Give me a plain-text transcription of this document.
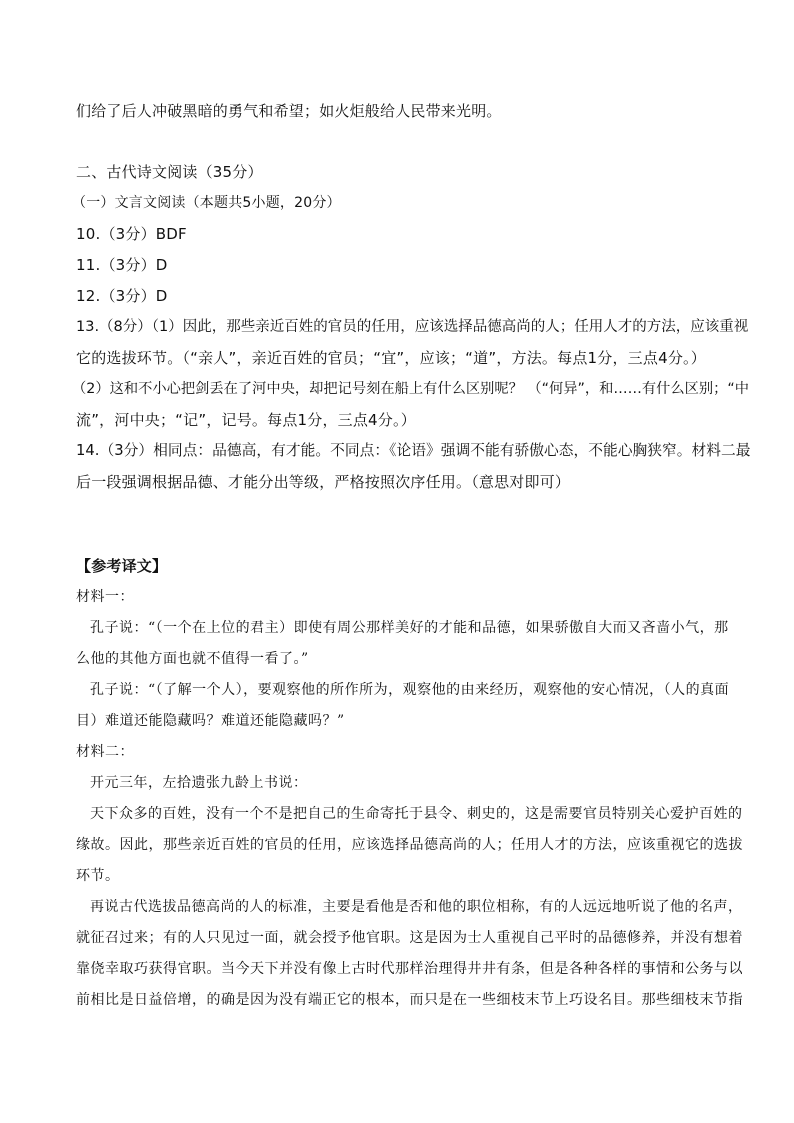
们给了后人冲破黑暗的勇气和希望；如火炬般给人民带来光明。
二、古代诗文阅读（35分）
（一）文言文阅读（本题共5小题，20分）
10.（3分）BDF
11.（3分）D
12.（3分）D
13.（8分）（1）因此，那些亲近百姓的官员的任用，应该选择品德高尚的人；任用人才的方法，应该重视
它的选拔环节。（“亲人”，亲近百姓的官员；“宜”，应该；“道”，方法。每点1分，三点4分。）
（2）这和不小心把剑丢在了河中央，却把记号刻在船上有什么区别呢？ （“何异”，和……有什么区别；“中
流”，河中央；“记”，记号。每点1分，三点4分。）
14.（3分）相同点：品德高，有才能。不同点：《论语》强调不能有骄傲心态，不能心胸狭窄。材料二最
后一段强调根据品德、才能分出等级，严格按照次序任用。（意思对即可）
【参考译文】
材料一：
孔子说：“（一个在上位的君主）即使有周公那样美好的才能和品德，如果骄傲自大而又吝啬小气，那
么他的其他方面也就不值得一看了。”
孔子说：“（了解一个人），要观察他的所作所为，观察他的由来经历，观察他的安心情况，（人的真面
目）难道还能隐藏吗？难道还能隐藏吗？”
材料二：
开元三年，左拾遗张九龄上书说：
天下众多的百姓，没有一个不是把自己的生命寄托于县令、刺史的，这是需要官员特别关心爱护百姓的
缘故。因此，那些亲近百姓的官员的任用，应该选择品德高尚的人；任用人才的方法，应该重视它的选拔
环节。
再说古代选拔品德高尚的人的标准，主要是看他是否和他的职位相称，有的人远远地听说了他的名声，
就征召过来；有的人只见过一面，就会授予他官职。这是因为士人重视自己平时的品德修养，并没有想着
靠侥幸取巧获得官职。当今天下并没有像上古时代那样治理得井井有条，但是各种各样的事情和公务与以
前相比是日益倍增，的确是因为没有端正它的根本，而只是在一些细枝末节上巧设名目。那些细枝末节指
